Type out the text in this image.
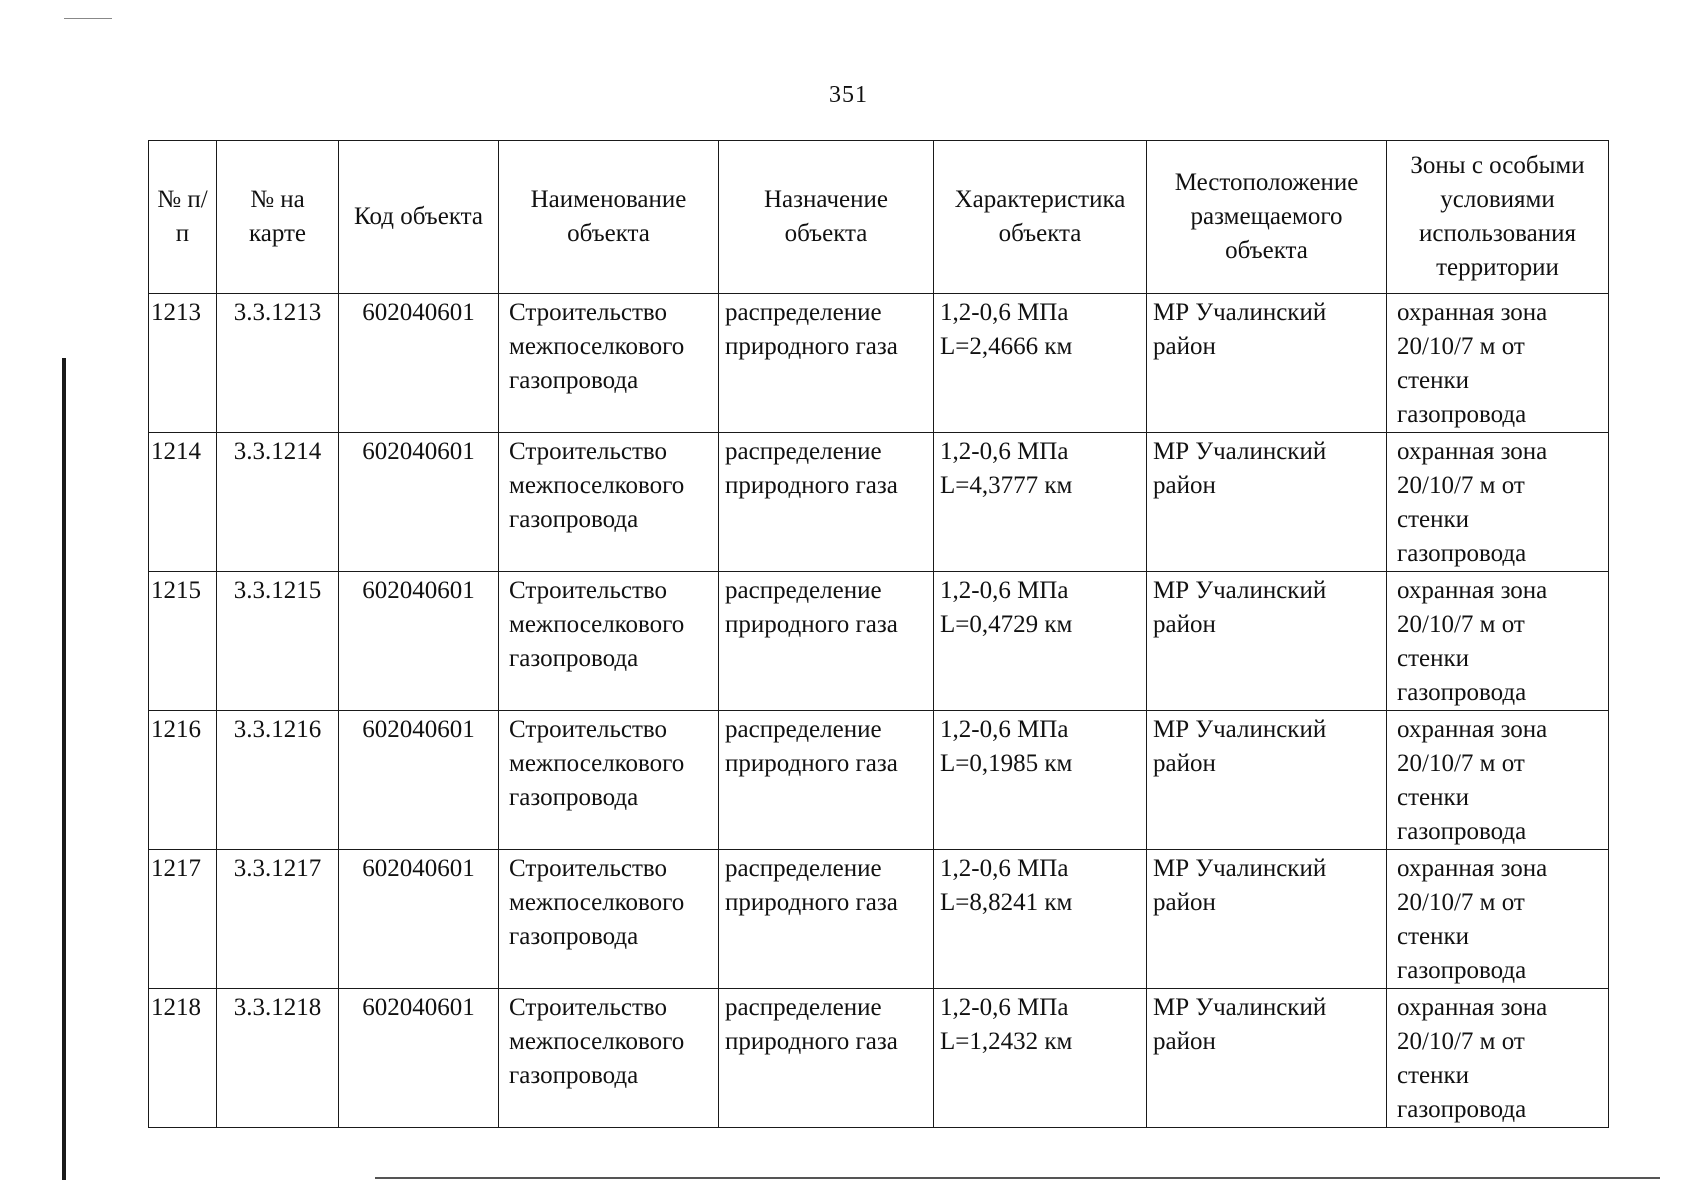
351
№ п/п	№ на карте	Код объекта	Наименование объекта	Назначение объекта	Характеристика объекта	Местоположение размещаемого объекта	Зоны с особыми условиями использования территории
1213	3.3.1213	602040601	Строительство межпоселкового газопровода	распределение природного газа	1,2-0,6 МПа L=2,4666 км	МР Учалинский район	охранная зона 20/10/7 м от стенки газопровода
1214	3.3.1214	602040601	Строительство межпоселкового газопровода	распределение природного газа	1,2-0,6 МПа L=4,3777 км	МР Учалинский район	охранная зона 20/10/7 м от стенки газопровода
1215	3.3.1215	602040601	Строительство межпоселкового газопровода	распределение природного газа	1,2-0,6 МПа L=0,4729 км	МР Учалинский район	охранная зона 20/10/7 м от стенки газопровода
1216	3.3.1216	602040601	Строительство межпоселкового газопровода	распределение природного газа	1,2-0,6 МПа L=0,1985 км	МР Учалинский район	охранная зона 20/10/7 м от стенки газопровода
1217	3.3.1217	602040601	Строительство межпоселкового газопровода	распределение природного газа	1,2-0,6 МПа L=8,8241 км	МР Учалинский район	охранная зона 20/10/7 м от стенки газопровода
1218	3.3.1218	602040601	Строительство межпоселкового газопровода	распределение природного газа	1,2-0,6 МПа L=1,2432 км	МР Учалинский район	охранная зона 20/10/7 м от стенки газопровода
